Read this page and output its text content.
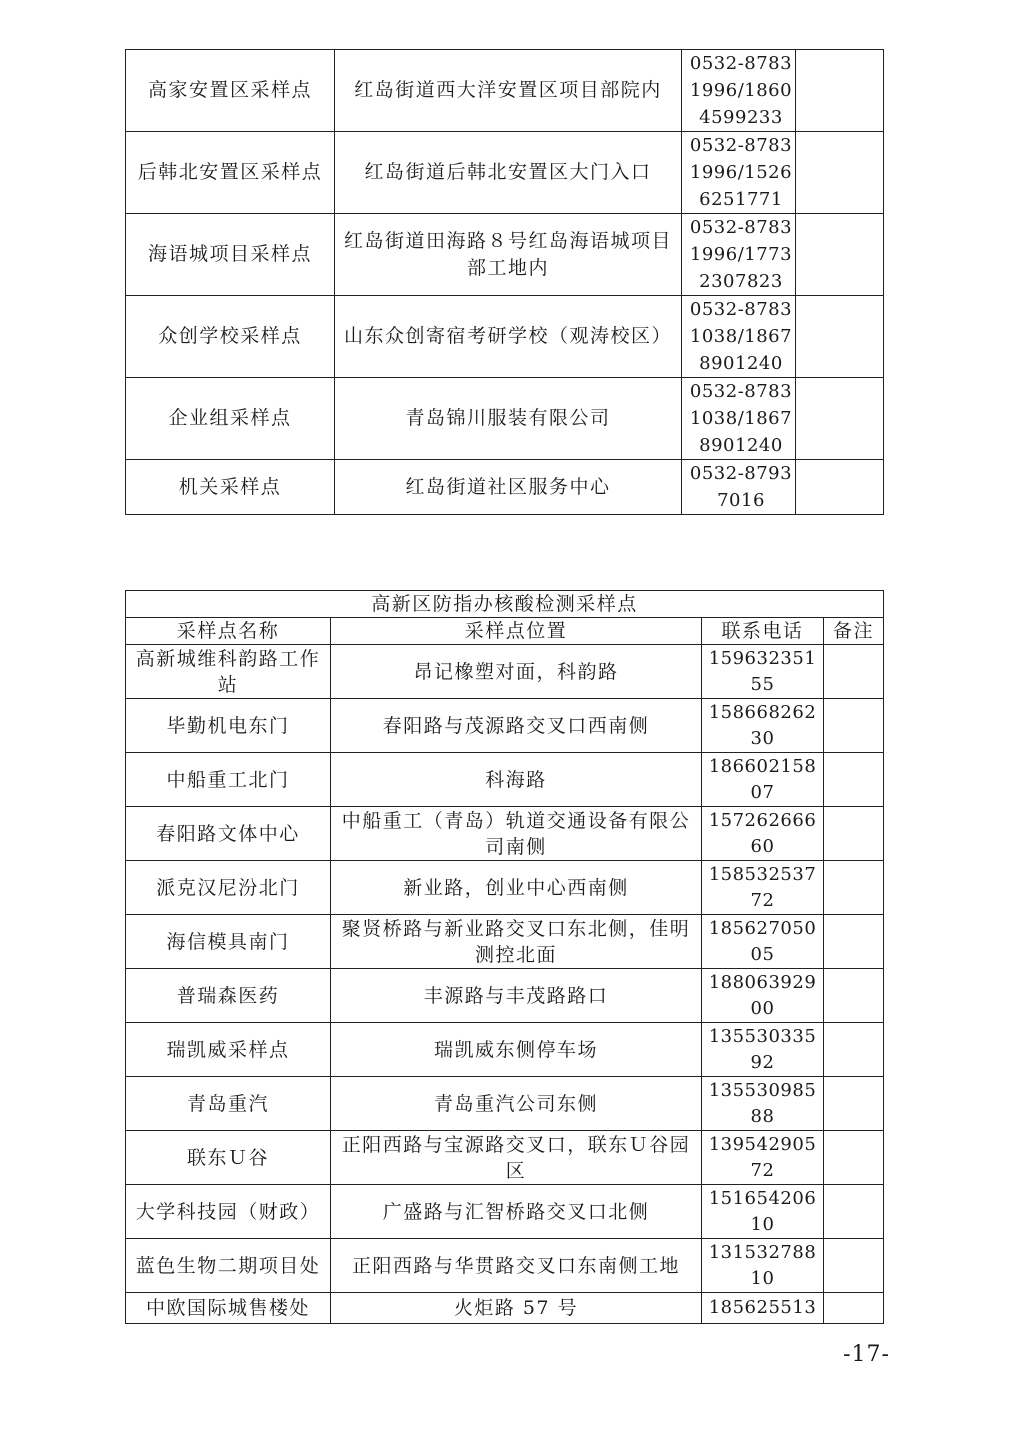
高家安置区采样点	红岛街道西大洋安置区项目部院内	0532-87831996/18604599233	
后韩北安置区采样点	红岛街道后韩北安置区大门入口	0532-87831996/15266251771	
海语城项目采样点	红岛街道田海路８号红岛海语城项目部工地内	0532-87831996/17732307823	
众创学校采样点	山东众创寄宿考研学校（观涛校区）	0532-87831038/18678901240	
企业组采样点	青岛锦川服装有限公司	0532-87831038/18678901240	
机关采样点	红岛街道社区服务中心	0532-87937016	
高新区防指办核酸检测采样点			
采样点名称	采样点位置	联系电话	备注
高新城维科韵路工作站	昂记橡塑对面，科韵路	15963235155	
毕勤机电东门	春阳路与茂源路交叉口西南侧	15866826230	
中船重工北门	科海路	18660215807	
春阳路文体中心	中船重工（青岛）轨道交通设备有限公司南侧	15726266660	
派克汉尼汾北门	新业路，创业中心西南侧	15853253772	
海信模具南门	聚贤桥路与新业路交叉口东北侧，佳明测控北面	18562705005	
普瑞森医药	丰源路与丰茂路路口	18806392900	
瑞凯威采样点	瑞凯威东侧停车场	13553033592	
青岛重汽	青岛重汽公司东侧	13553098588	
联东Ｕ谷	正阳西路与宝源路交叉口，联东Ｕ谷园区	13954290572	
大学科技园（财政）	广盛路与汇智桥路交叉口北侧	15165420610	
蓝色生物二期项目处	正阳西路与华贯路交叉口东南侧工地	13153278810	
中欧国际城售楼处	火炬路 57 号	185625513	
-17-
